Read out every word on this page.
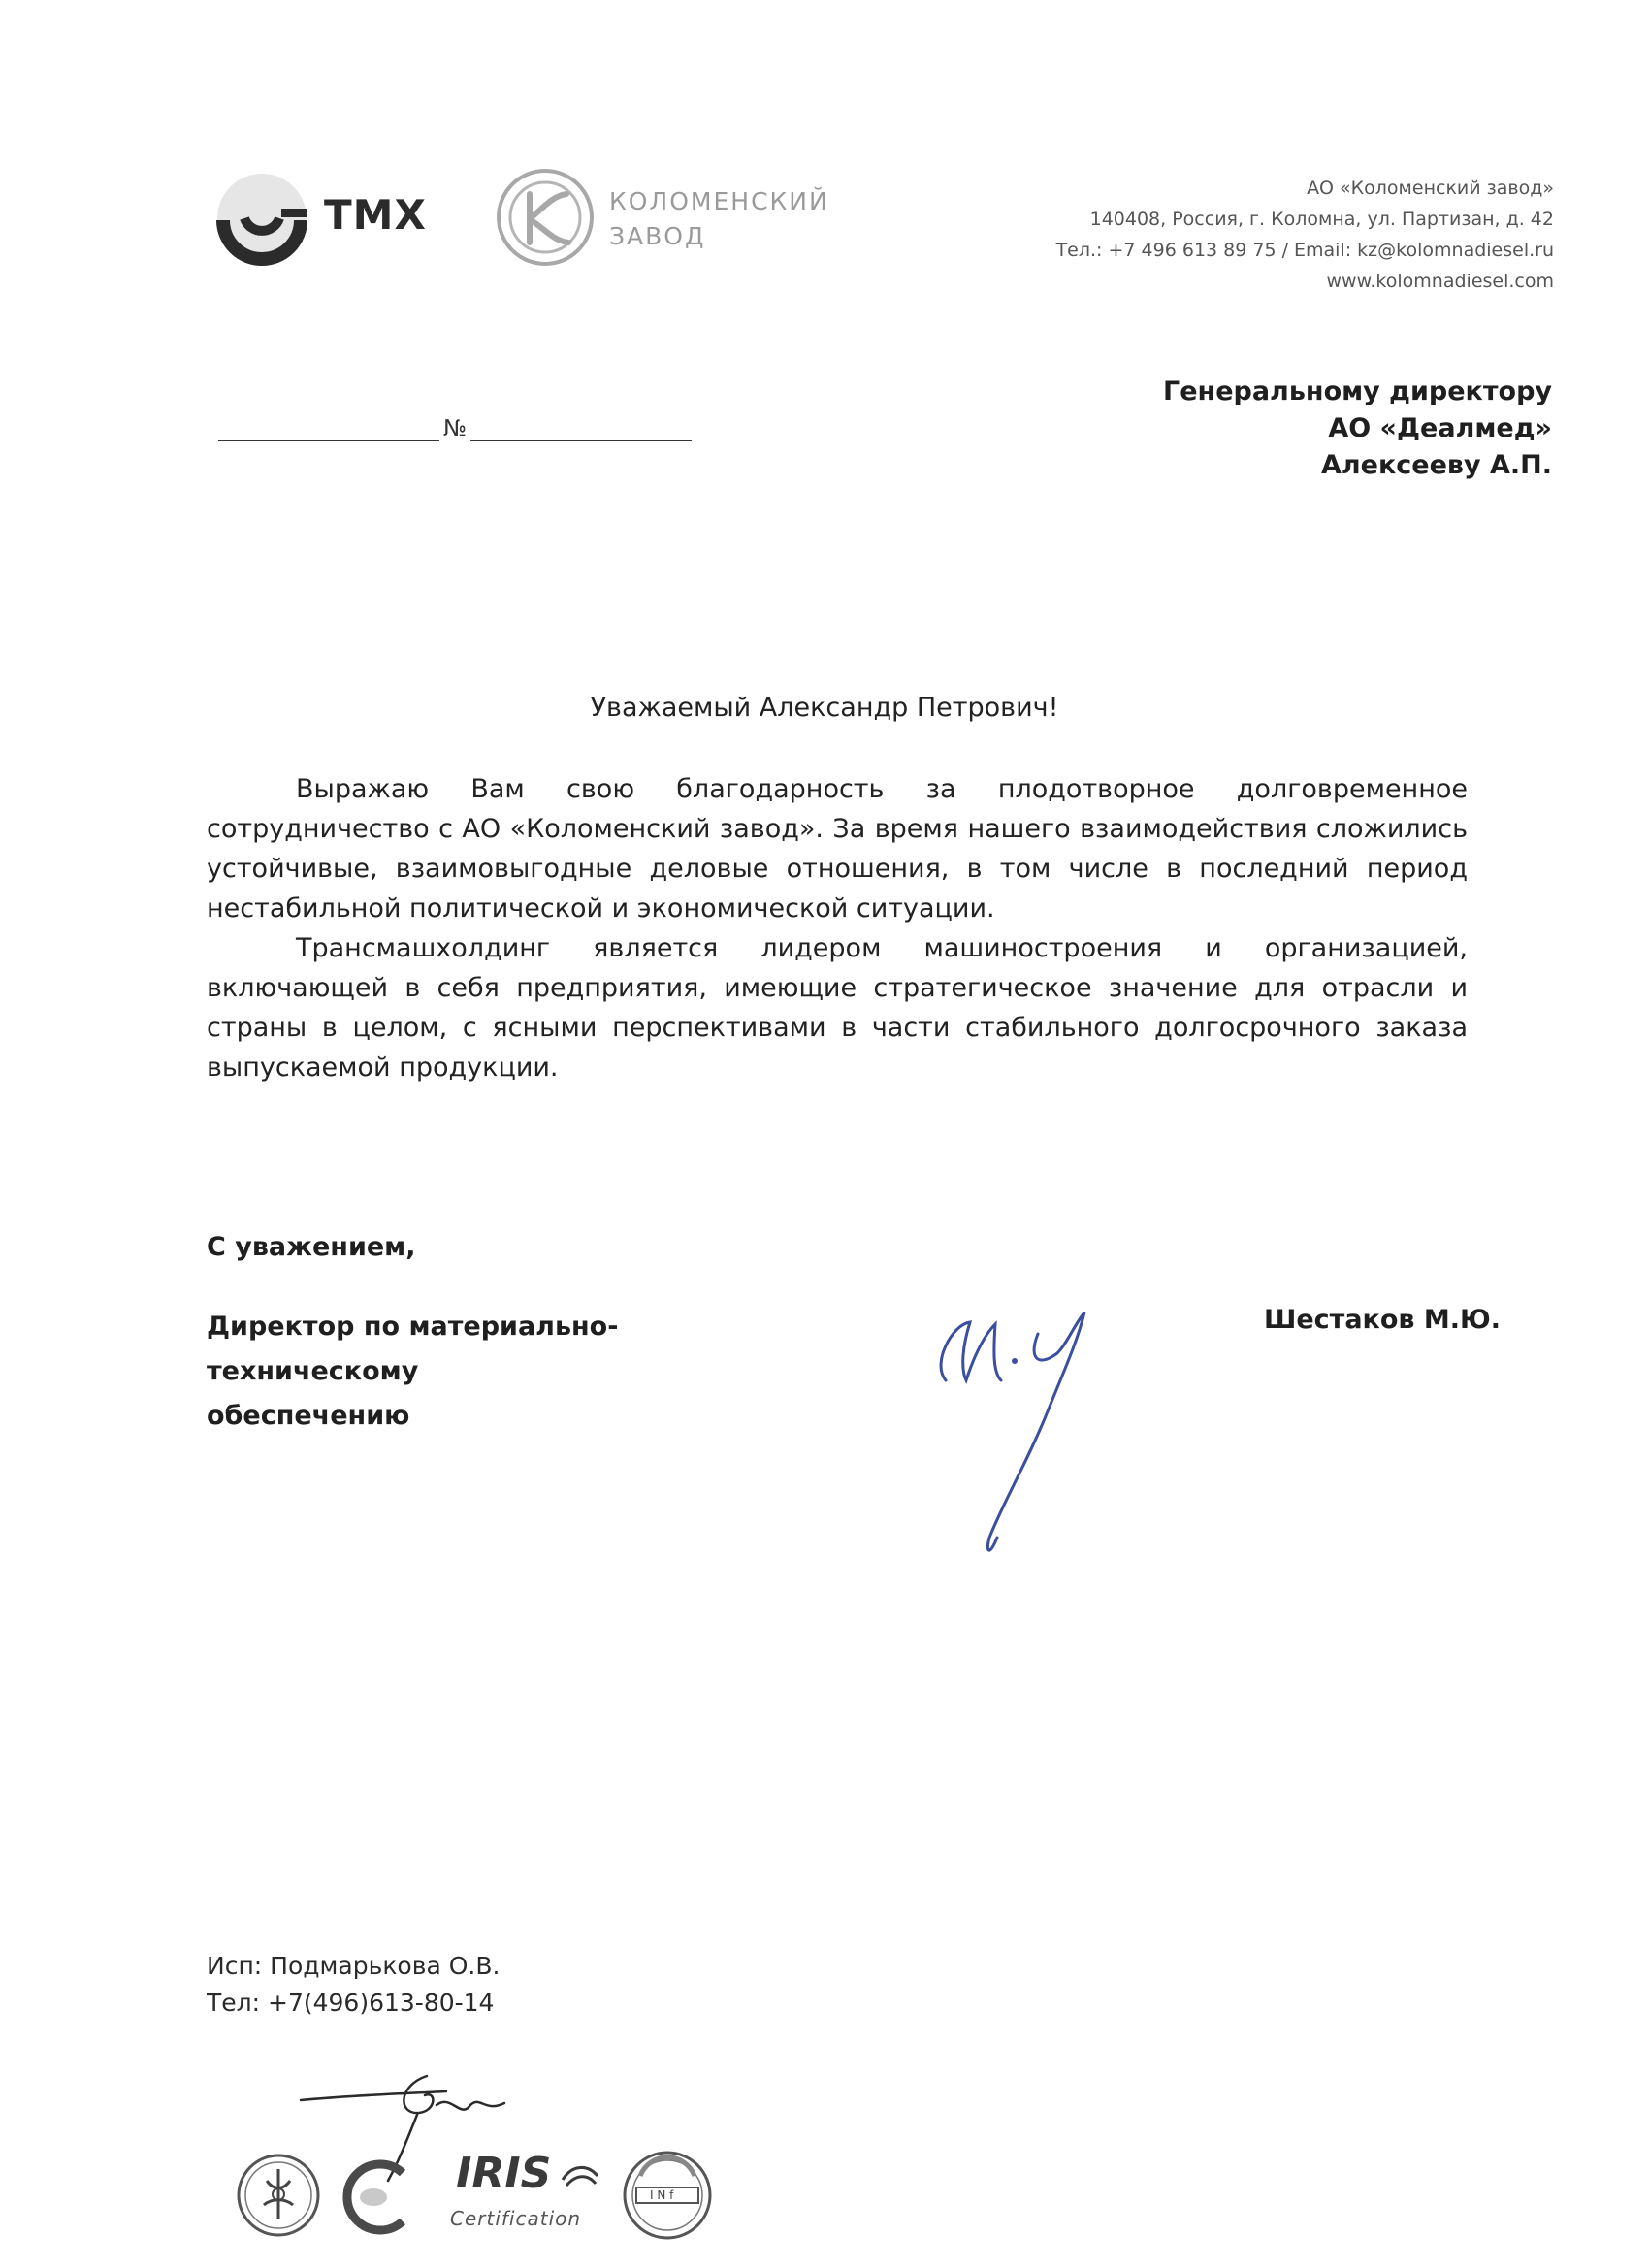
ТМХ	КОЛОМЕНСКИЙ
ЗАВОД
АО «Коломенский завод»
140408, Россия, г. Коломна, ул. Партизан, д. 42
Тел.: +7 496 613 89 75 / Email: kz@kolomnadiesel.ru
www.kolomnadiesel.com
№
Генеральному директору
АО «Деалмед»
Алексееву А.П.
Уважаемый Александр Петрович!

Выражаю Вам свою благодарность за плодотворное долговременное сотрудничество с АО «Коломенский завод». За время нашего взаимодействия сложились устойчивые, взаимовыгодные деловые отношения, в том числе в последний период нестабильной политической и экономической ситуации.

Трансмашхолдинг является лидером машиностроения и организацией, включающей в себя предприятия, имеющие стратегическое значение для отрасли и страны в целом, с ясными перспективами в части стабильного долгосрочного заказа выпускаемой продукции.

С уважением,
Директор по материально-техническому
обеспечению
Шестаков М.Ю.
Исп: Подмарькова О.В.
Тел: +7(496)613-80-14
IRIS
Certification
I N f
